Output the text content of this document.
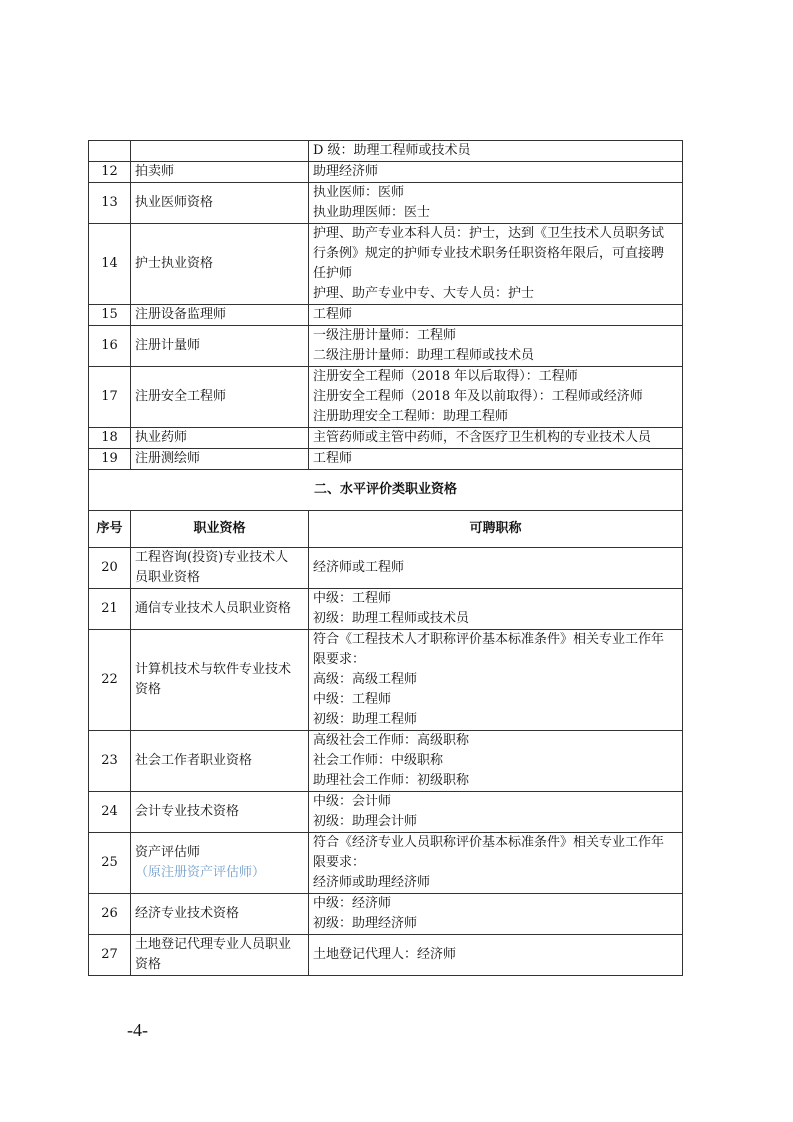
		D 级：助理工程师或技术员

12	拍卖师	助理经济师

13	执业医师资格	执业医师：医师
执业助理医师：医士

14	护士执业资格	护理、助产专业本科人员：护士，达到《卫生技术人员职务试
行条例》规定的护师专业技术职务任职资格年限后，可直接聘
任护师
护理、助产专业中专、大专人员：护士

15	注册设备监理师	工程师

16	注册计量师	一级注册计量师：工程师
二级注册计量师：助理工程师或技术员

17	注册安全工程师	注册安全工程师（2018 年以后取得）：工程师
注册安全工程师（2018 年及以前取得）：工程师或经济师
注册助理安全工程师：助理工程师

18	执业药师	主管药师或主管中药师，不含医疗卫生机构的专业技术人员

19	注册测绘师	工程师

二、水平评价类职业资格		
序号	职业资格	可聘职称
20	工程咨询(投资)专业技术人
员职业资格	经济师或工程师

21	通信专业技术人员职业资格	中级：工程师
初级：助理工程师或技术员

22	计算机技术与软件专业技术
资格	符合《工程技术人才职称评价基本标准条件》相关专业工作年
限要求：
高级：高级工程师
中级：工程师
初级：助理工程师

23	社会工作者职业资格	高级社会工作师：高级职称
社会工作师：中级职称
助理社会工作师：初级职称

24	会计专业技术资格	中级：会计师
初级：助理会计师

25	资产评估师
（原注册资产评估师）	符合《经济专业人员职称评价基本标准条件》相关专业工作年
限要求：
经济师或助理经济师

26	经济专业技术资格	中级：经济师
初级：助理经济师

27	土地登记代理专业人员职业
资格	土地登记代理人：经济师
-4-
